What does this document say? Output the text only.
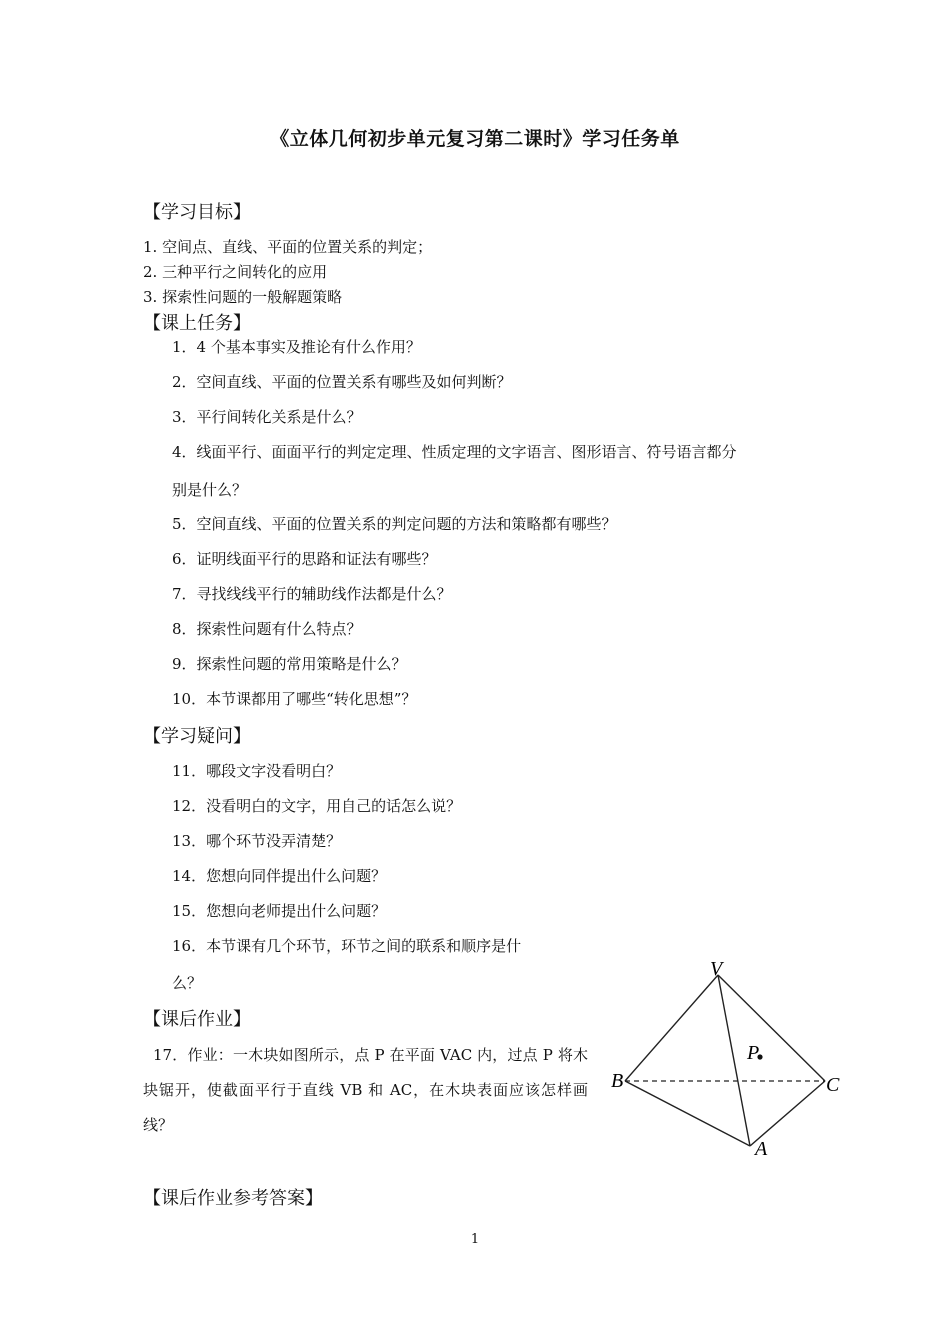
《立体几何初步单元复习第二课时》学习任务单
【学习目标】
1. 空间点、直线、平面的位置关系的判定；
2. 三种平行之间转化的应用
3. 探索性问题的一般解题策略
【课上任务】
1．4 个基本事实及推论有什么作用？
2．空间直线、平面的位置关系有哪些及如何判断？
3．平行间转化关系是什么？
4．线面平行、面面平行的判定定理、性质定理的文字语言、图形语言、符号语言都分
别是什么？
5．空间直线、平面的位置关系的判定问题的方法和策略都有哪些？
6．证明线面平行的思路和证法有哪些？
7．寻找线线平行的辅助线作法都是什么？
8．探索性问题有什么特点？
9．探索性问题的常用策略是什么？
10．本节课都用了哪些“转化思想”？
【学习疑问】
11．哪段文字没看明白？
12．没看明白的文字，用自己的话怎么说？
13．哪个环节没弄清楚？
14．您想向同伴提出什么问题？
15．您想向老师提出什么问题？
16．本节课有几个环节，环节之间的联系和顺序是什
么？
【课后作业】
17．作业：一木块如图所示，点 P 在平面 VAC 内，过点 P 将木块锯开，使截面平行于直线 VB 和 AC，在木块表面应该怎样画线？
V
B	C
A
P
【课后作业参考答案】
1
